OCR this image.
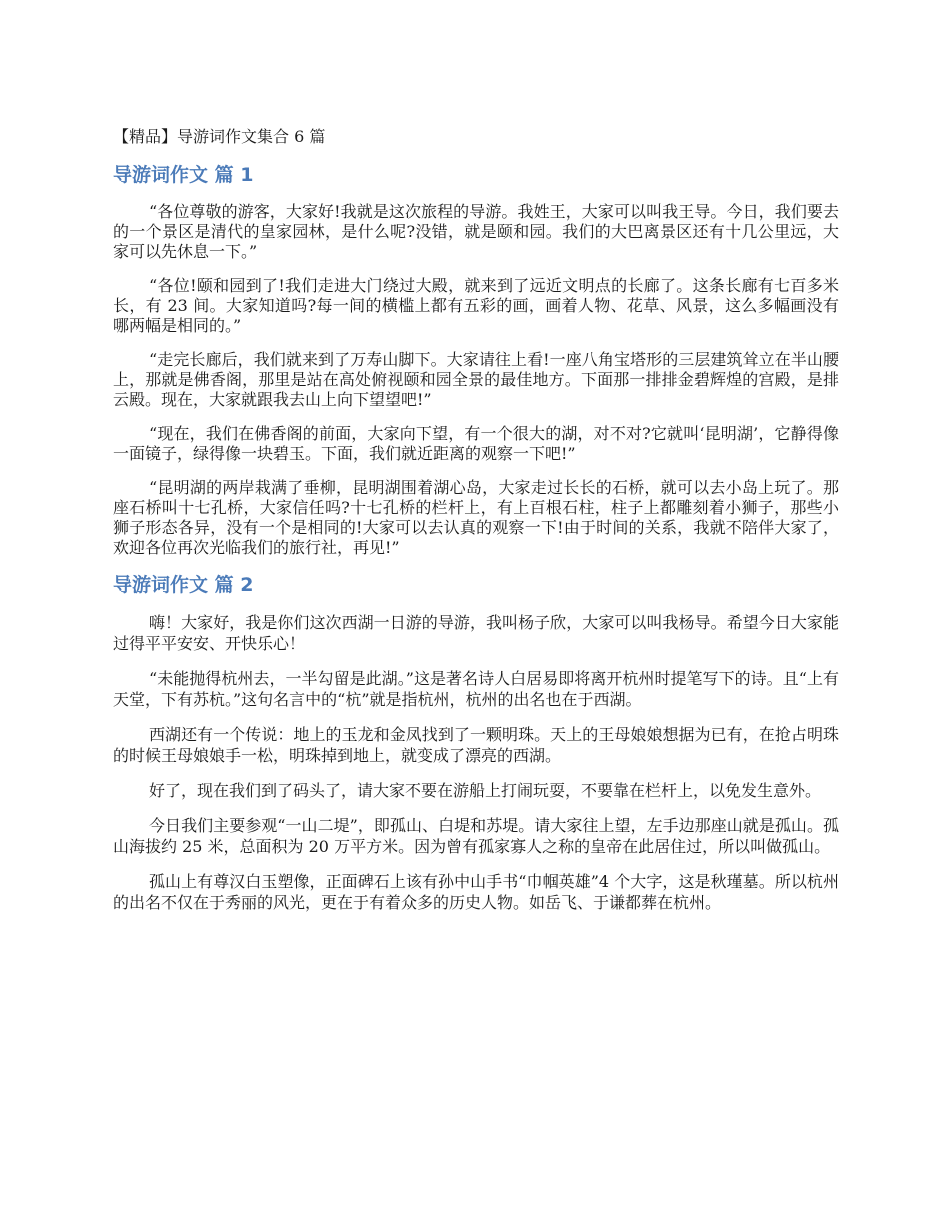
【精品】导游词作文集合 6 篇
导游词作文 篇 1

“各位尊敬的游客，大家好!我就是这次旅程的导游。我姓王，大家可以叫我王导。今日，我们要去的一个景区是清代的皇家园林，是什么呢?没错，就是颐和园。我们的大巴离景区还有十几公里远，大家可以先休息一下。”

“各位!颐和园到了!我们走进大门绕过大殿，就来到了远近文明点的长廊了。这条长廊有七百多米长，有 23 间。大家知道吗?每一间的横槛上都有五彩的画，画着人物、花草、风景，这么多幅画没有哪两幅是相同的。”

“走完长廊后，我们就来到了万寿山脚下。大家请往上看!一座八角宝塔形的三层建筑耸立在半山腰上，那就是佛香阁，那里是站在高处俯视颐和园全景的最佳地方。下面那一排排金碧辉煌的宫殿，是排云殿。现在，大家就跟我去山上向下望望吧!”

“现在，我们在佛香阁的前面，大家向下望，有一个很大的湖，对不对?它就叫‘昆明湖’，它静得像一面镜子，绿得像一块碧玉。下面，我们就近距离的观察一下吧!”

“昆明湖的两岸栽满了垂柳，昆明湖围着湖心岛，大家走过长长的石桥，就可以去小岛上玩了。那座石桥叫十七孔桥，大家信任吗?十七孔桥的栏杆上，有上百根石柱，柱子上都雕刻着小狮子，那些小狮子形态各异，没有一个是相同的!大家可以去认真的观察一下!由于时间的关系，我就不陪伴大家了，欢迎各位再次光临我们的旅行社，再见!”

导游词作文 篇 2

嗨！大家好，我是你们这次西湖一日游的导游，我叫杨子欣，大家可以叫我杨导。希望今日大家能过得平平安安、开快乐心！

“未能抛得杭州去，一半勾留是此湖。”这是著名诗人白居易即将离开杭州时提笔写下的诗。且“上有天堂，下有苏杭。”这句名言中的“杭”就是指杭州，杭州的出名也在于西湖。

西湖还有一个传说：地上的玉龙和金凤找到了一颗明珠。天上的王母娘娘想据为已有，在抢占明珠的时候王母娘娘手一松，明珠掉到地上，就变成了漂亮的西湖。

好了，现在我们到了码头了，请大家不要在游船上打闹玩耍，不要靠在栏杆上，以免发生意外。

今日我们主要参观“一山二堤”，即孤山、白堤和苏堤。请大家往上望，左手边那座山就是孤山。孤山海拔约 25 米，总面积为 20 万平方米。因为曾有孤家寡人之称的皇帝在此居住过，所以叫做孤山。

孤山上有尊汉白玉塑像，正面碑石上该有孙中山手书“巾帼英雄”4 个大字，这是秋瑾墓。所以杭州的出名不仅在于秀丽的风光，更在于有着众多的历史人物。如岳飞、于谦都葬在杭州。
